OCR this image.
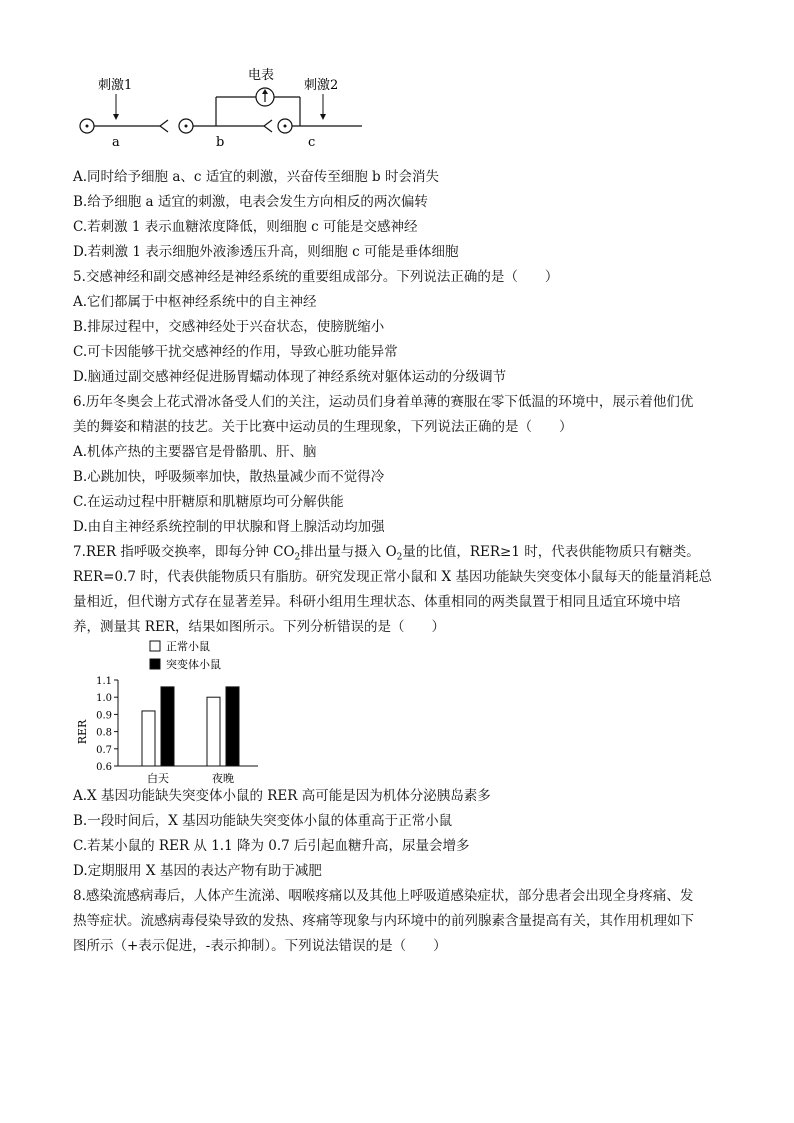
刺激1
a	b
电表
刺激2
c
A.同时给予细胞 a、c 适宜的刺激，兴奋传至细胞 b 时会消失
B.给予细胞 a 适宜的刺激，电表会发生方向相反的两次偏转
C.若刺激 1 表示血糖浓度降低，则细胞 c 可能是交感神经
D.若刺激 1 表示细胞外液渗透压升高，则细胞 c 可能是垂体细胞
5.交感神经和副交感神经是神经系统的重要组成部分。下列说法正确的是（　　）
A.它们都属于中枢神经系统中的自主神经
B.排尿过程中，交感神经处于兴奋状态，使膀胱缩小
C.可卡因能够干扰交感神经的作用，导致心脏功能异常
D.脑通过副交感神经促进肠胃蠕动体现了神经系统对躯体运动的分级调节
6.历年冬奥会上花式滑冰备受人们的关注，运动员们身着单薄的赛服在零下低温的环境中，展示着他们优
美的舞姿和精湛的技艺。关于比赛中运动员的生理现象，下列说法正确的是（　　）
A.机体产热的主要器官是骨骼肌、肝、脑
B.心跳加快，呼吸频率加快，散热量减少而不觉得冷
C.在运动过程中肝糖原和肌糖原均可分解供能
D.由自主神经系统控制的甲状腺和肾上腺活动均加强
7.RER 指呼吸交换率，即每分钟 $CO_2$排出量与摄入 $O_2$量的比值，RER≥1 时，代表供能物质只有糖类。
RER=0.7 时，代表供能物质只有脂肪。研究发现正常小鼠和 X 基因功能缺失突变体小鼠每天的能量消耗总
量相近，但代谢方式存在显著差异。科研小组用生理状态、体重相同的两类鼠置于相同且适宜环境中培
养，测量其 RER，结果如图所示。下列分析错误的是（　　）
正常小鼠
突变体小鼠
RER
0.6
0.7
0.8
0.9
1.0
1.1
白天	夜晚
A.X 基因功能缺失突变体小鼠的 RER 高可能是因为机体分泌胰岛素多
B.一段时间后，X 基因功能缺失突变体小鼠的体重高于正常小鼠
C.若某小鼠的 RER 从 1.1 降为 0.7 后引起血糖升高，尿量会增多
D.定期服用 X 基因的表达产物有助于减肥
8.感染流感病毒后，人体产生流涕、咽喉疼痛以及其他上呼吸道感染症状，部分患者会出现全身疼痛、发
热等症状。流感病毒侵染导致的发热、疼痛等现象与内环境中的前列腺素含量提高有关，其作用机理如下
图所示（+表示促进，-表示抑制）。下列说法错误的是（　　）
